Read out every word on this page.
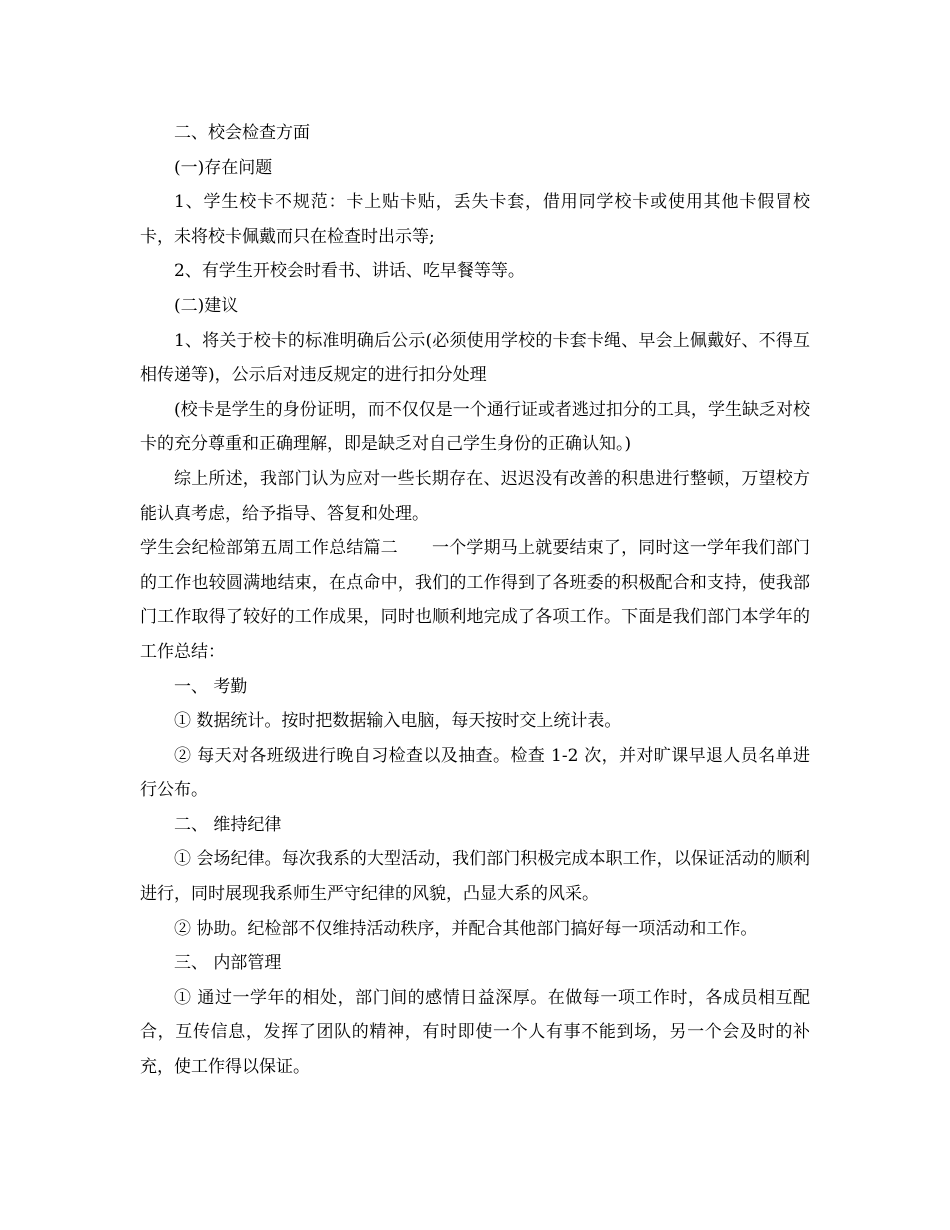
二、校会检查方面

(一)存在问题

1、学生校卡不规范：卡上贴卡贴，丢失卡套，借用同学校卡或使用其他卡假冒校卡，未将校卡佩戴而只在检查时出示等;

2、有学生开校会时看书、讲话、吃早餐等等。

(二)建议

1、将关于校卡的标准明确后公示(必须使用学校的卡套卡绳、早会上佩戴好、不得互相传递等)，公示后对违反规定的进行扣分处理

(校卡是学生的身份证明，而不仅仅是一个通行证或者逃过扣分的工具，学生缺乏对校卡的充分尊重和正确理解，即是缺乏对自己学生身份的正确认知。)

综上所述，我部门认为应对一些长期存在、迟迟没有改善的积患进行整顿，万望校方能认真考虑，给予指导、答复和处理。

学生会纪检部第五周工作总结篇二 一个学期马上就要结束了，同时这一学年我们部门的工作也较圆满地结束，在点命中，我们的工作得到了各班委的积极配合和支持，使我部门工作取得了较好的工作成果，同时也顺利地完成了各项工作。下面是我们部门本学年的工作总结：

一、 考勤

① 数据统计。按时把数据输入电脑，每天按时交上统计表。

② 每天对各班级进行晚自习检查以及抽查。检查 1-2 次，并对旷课早退人员名单进行公布。

二、 维持纪律

① 会场纪律。每次我系的大型活动，我们部门积极完成本职工作，以保证活动的顺利进行，同时展现我系师生严守纪律的风貌，凸显大系的风采。

② 协助。纪检部不仅维持活动秩序，并配合其他部门搞好每一项活动和工作。

三、 内部管理

① 通过一学年的相处，部门间的感情日益深厚。在做每一项工作时，各成员相互配合，互传信息，发挥了团队的精神，有时即使一个人有事不能到场，另一个会及时的补充，使工作得以保证。
